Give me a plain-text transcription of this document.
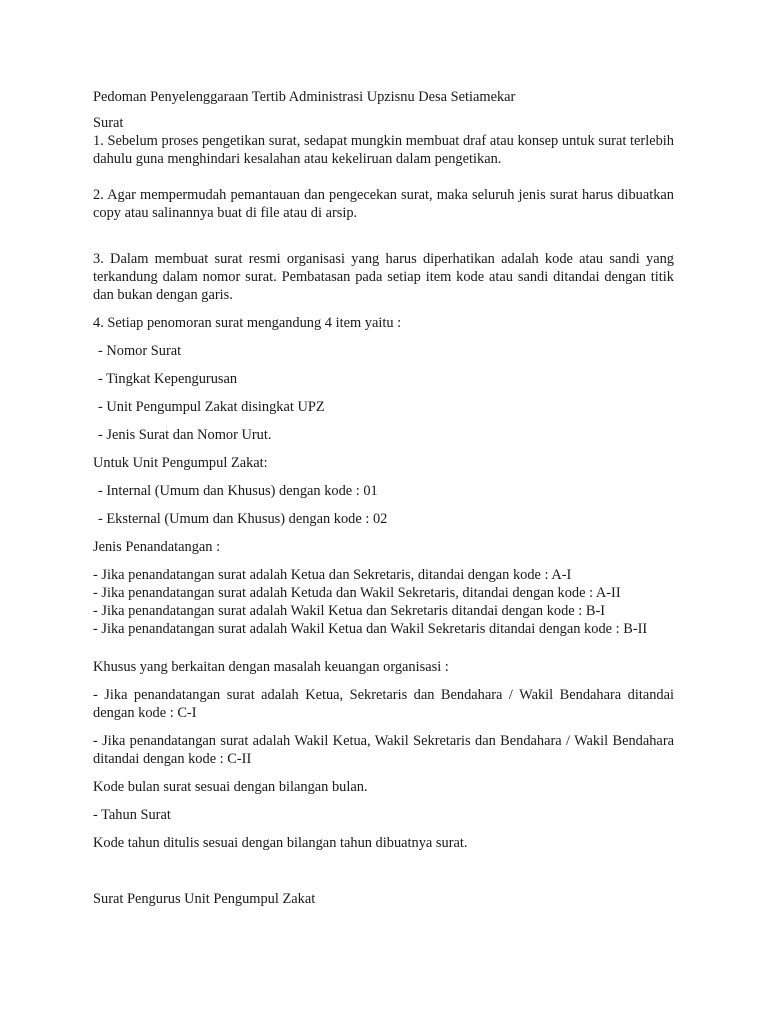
Pedoman Penyelenggaraan Tertib Administrasi Upzisnu Desa Setiamekar

Surat

1. Sebelum proses pengetikan surat, sedapat mungkin membuat draf atau konsep untuk surat terlebih dahulu guna menghindari kesalahan atau kekeliruan dalam pengetikan.

2. Agar mempermudah pemantauan dan pengecekan surat, maka seluruh jenis surat harus dibuatkan copy atau salinannya buat di file atau di arsip.

3. Dalam membuat surat resmi organisasi yang harus diperhatikan adalah kode atau sandi yang terkandung dalam nomor surat. Pembatasan pada setiap item kode atau sandi ditandai dengan titik dan bukan dengan garis.

4. Setiap penomoran surat mengandung 4 item yaitu :

- Nomor Surat

- Tingkat Kepengurusan

- Unit Pengumpul Zakat disingkat UPZ

- Jenis Surat dan Nomor Urut.

Untuk Unit Pengumpul Zakat:

- Internal (Umum dan Khusus) dengan kode : 01

- Eksternal (Umum dan Khusus) dengan kode : 02

Jenis Penandatangan :

- Jika penandatangan surat adalah Ketua dan Sekretaris, ditandai dengan kode : A-I

- Jika penandatangan surat adalah Ketuda dan Wakil Sekretaris, ditandai dengan kode : A-II

- Jika penandatangan surat adalah Wakil Ketua dan Sekretaris ditandai dengan kode : B-I

- Jika penandatangan surat adalah Wakil Ketua dan Wakil Sekretaris ditandai dengan kode : B-II

Khusus yang berkaitan dengan masalah keuangan organisasi :

- Jika penandatangan surat adalah Ketua, Sekretaris dan Bendahara / Wakil Bendahara ditandai dengan kode : C-I

- Jika penandatangan surat adalah Wakil Ketua, Wakil Sekretaris dan Bendahara / Wakil Bendahara ditandai dengan kode : C-II

Kode bulan surat sesuai dengan bilangan bulan.

- Tahun Surat

Kode tahun ditulis sesuai dengan bilangan tahun dibuatnya surat.

Surat Pengurus Unit Pengumpul Zakat
